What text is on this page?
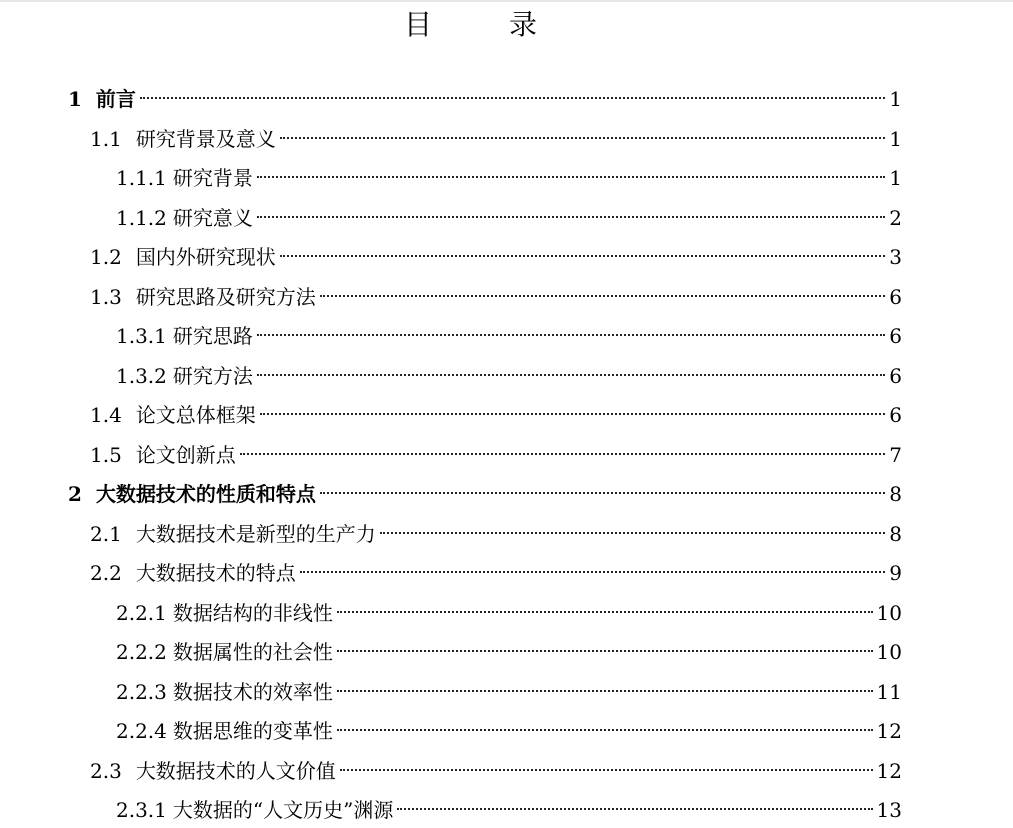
目 录
1 前言	1
1.1 研究背景及意义	1
1.1.1 研究背景	1
1.1.2 研究意义	2
1.2 国内外研究现状	3
1.3 研究思路及研究方法	6
1.3.1 研究思路	6
1.3.2 研究方法	6
1.4 论文总体框架	6
1.5 论文创新点	7
2 大数据技术的性质和特点	8
2.1 大数据技术是新型的生产力	8
2.2 大数据技术的特点	9
2.2.1 数据结构的非线性	10
2.2.2 数据属性的社会性	10
2.2.3 数据技术的效率性	11
2.2.4 数据思维的变革性	12
2.3 大数据技术的人文价值	12
2.3.1 大数据的“人文历史”渊源	13
